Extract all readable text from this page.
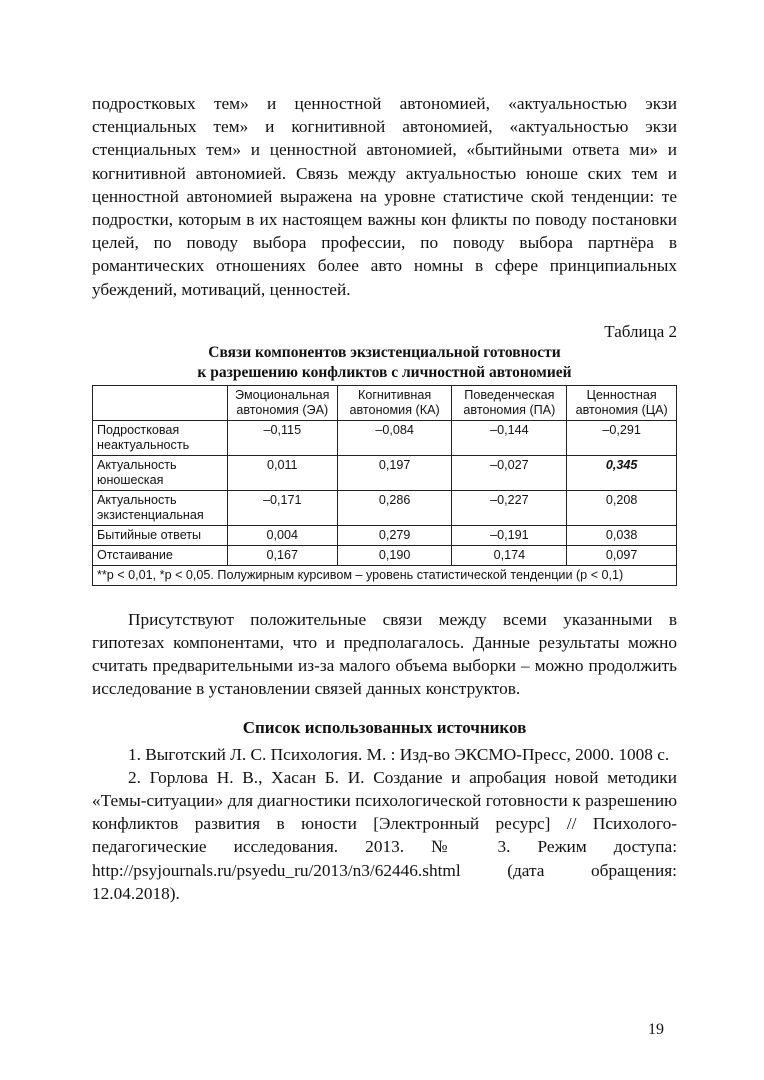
подростковых тем» и ценностной автономией, «актуальностью экзи стенциальных тем» и когнитивной автономией, «актуальностью экзи стенциальных тем» и ценностной автономией, «бытийными ответа ми» и когнитивной автономией. Связь между актуальностью юноше ских тем и ценностной автономией выражена на уровне статистиче ской тенденции: те подростки, которым в их настоящем важны кон фликты по поводу постановки целей, по поводу выбора профессии, по поводу выбора партнёра в романтических отношениях более авто номны в сфере принципиальных убеждений, мотиваций, ценностей.

Таблица 2
Связи компонентов экзистенциальной готовности
к разрешению конфликтов с личностной автономией
	Эмоциональная автономия (ЭА)	Когнитивная автономия (КА)	Поведенческая автономия (ПА)	Ценностная автономия (ЦА)
Подростковая неактуальность	–0,115	–0,084	–0,144	–0,291
Актуальность юношеская	0,011	0,197	–0,027	0,345
Актуальность экзистенциальная	–0,171	0,286	–0,227	0,208
Бытийные ответы	0,004	0,279	–0,191	0,038
Отстаивание	0,167	0,190	0,174	0,097
**p < 0,01, *p < 0,05. Полужирным курсивом – уровень статистической тенденции (p < 0,1)				

Присутствуют положительные связи между всеми указанными в гипотезах компонентами, что и предполагалось. Данные результаты можно считать предварительными из-за малого объема выборки – можно продолжить исследование в установлении связей данных конструктов.

Список использованных источников

1. Выготский Л. С. Психология. М. : Изд-во ЭКСМО-Пресс, 2000. 1008 с.

2. Горлова Н. В., Хасан Б. И. Создание и апробация новой методики «Темы-ситуации» для диагностики психологической готовности к разрешению конфликтов развития в юности [Электронный ресурс] // Психолого-педагогические исследования. 2013. № 3. Режим доступа: http://psyjournals.ru/psyedu_ru/2013/n3/62446.shtml (дата обращения: 12.04.2018).

19
